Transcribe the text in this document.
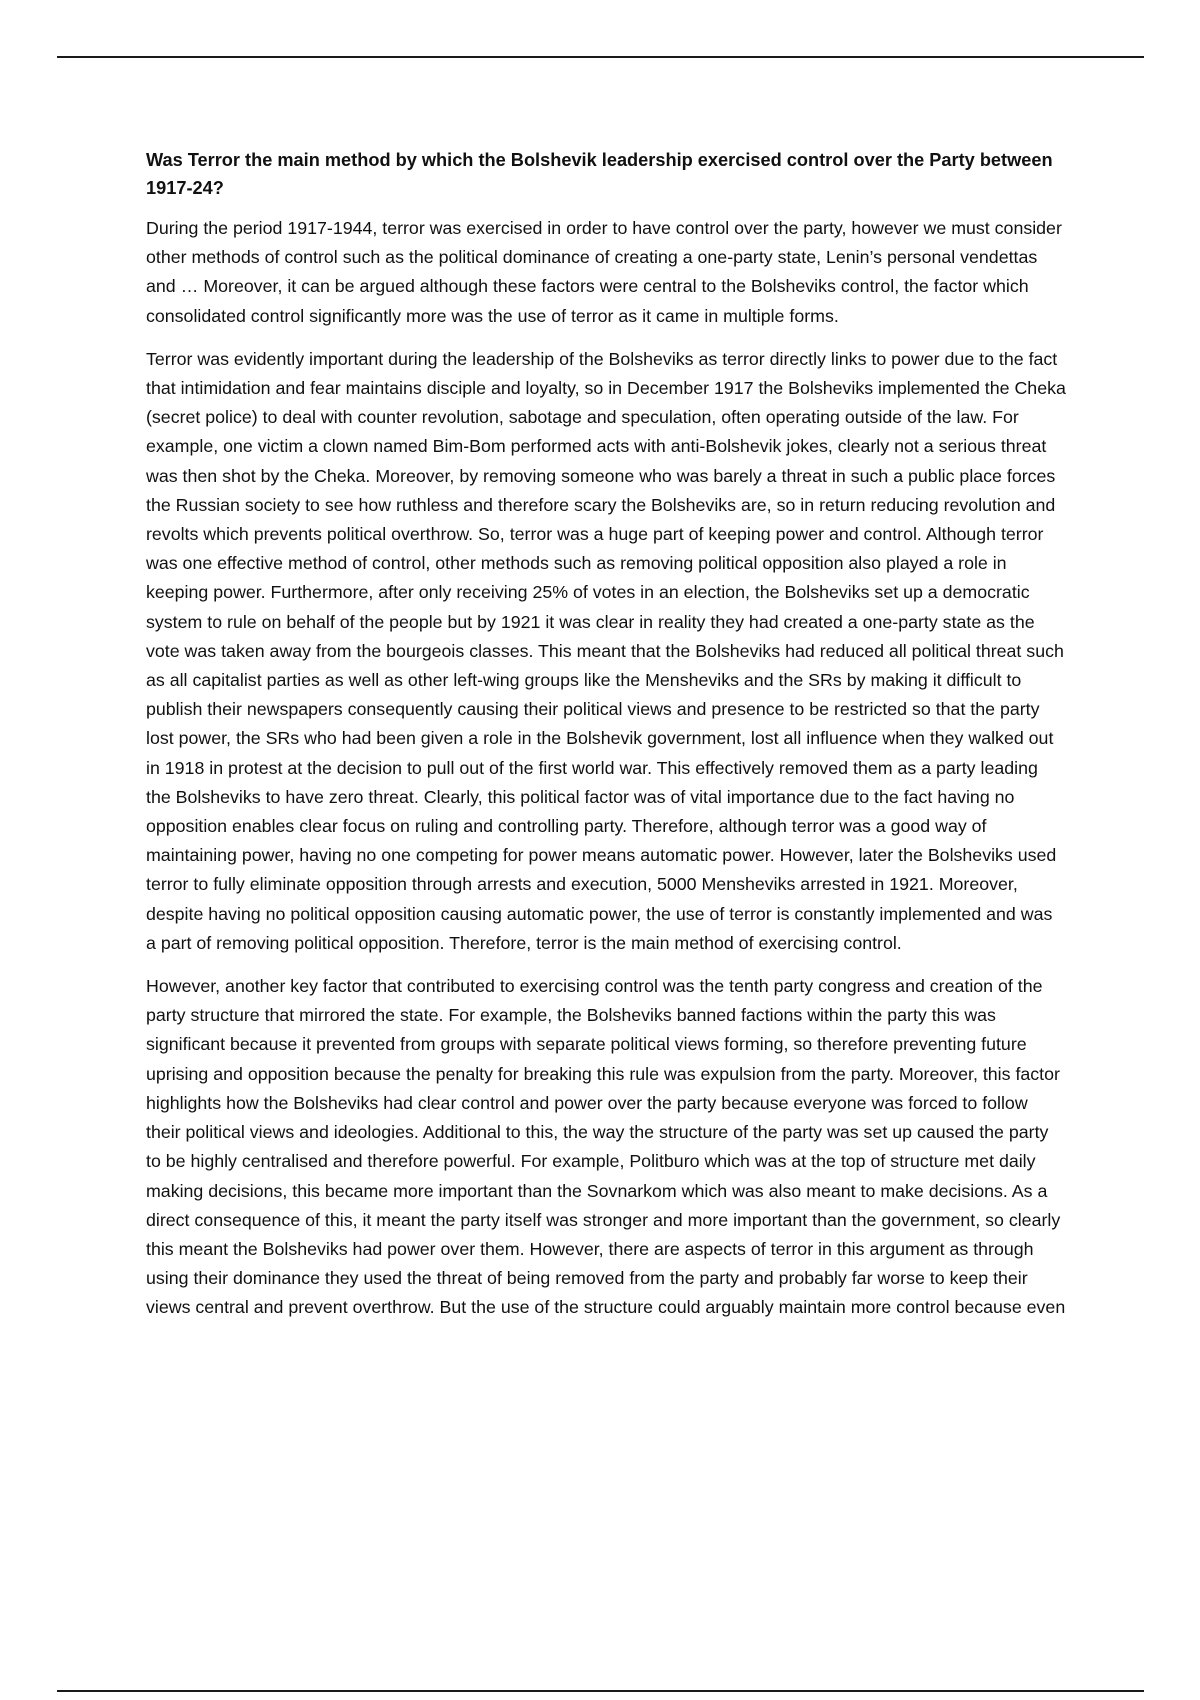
Was Terror the main method by which the Bolshevik leadership exercised control over the Party between 1917-24?

During the period 1917-1944, terror was exercised in order to have control over the party, however we must consider other methods of control such as the political dominance of creating a one-party state, Lenin’s personal vendettas and … Moreover, it can be argued although these factors were central to the Bolsheviks control, the factor which consolidated control significantly more was the use of terror as it came in multiple forms.

Terror was evidently important during the leadership of the Bolsheviks as terror directly links to power due to the fact that intimidation and fear maintains disciple and loyalty, so in December 1917 the Bolsheviks implemented the Cheka (secret police) to deal with counter revolution, sabotage and speculation, often operating outside of the law. For example, one victim a clown named Bim-Bom performed acts with anti-Bolshevik jokes, clearly not a serious threat was then shot by the Cheka. Moreover, by removing someone who was barely a threat in such a public place forces the Russian society to see how ruthless and therefore scary the Bolsheviks are, so in return reducing revolution and revolts which prevents political overthrow. So, terror was a huge part of keeping power and control. Although terror was one effective method of control, other methods such as removing political opposition also played a role in keeping power. Furthermore, after only receiving 25% of votes in an election, the Bolsheviks set up a democratic system to rule on behalf of the people but by 1921 it was clear in reality they had created a one-party state as the vote was taken away from the bourgeois classes. This meant that the Bolsheviks had reduced all political threat such as all capitalist parties as well as other left-wing groups like the Mensheviks and the SRs by making it difficult to publish their newspapers consequently causing their political views and presence to be restricted so that the party lost power, the SRs who had been given a role in the Bolshevik government, lost all influence when they walked out in 1918 in protest at the decision to pull out of the first world war. This effectively removed them as a party leading the Bolsheviks to have zero threat. Clearly, this political factor was of vital importance due to the fact having no opposition enables clear focus on ruling and controlling party. Therefore, although terror was a good way of maintaining power, having no one competing for power means automatic power. However, later the Bolsheviks used terror to fully eliminate opposition through arrests and execution, 5000 Mensheviks arrested in 1921. Moreover, despite having no political opposition causing automatic power, the use of terror is constantly implemented and was a part of removing political opposition. Therefore, terror is the main method of exercising control.

However, another key factor that contributed to exercising control was the tenth party congress and creation of the party structure that mirrored the state. For example, the Bolsheviks banned factions within the party this was significant because it prevented from groups with separate political views forming, so therefore preventing future uprising and opposition because the penalty for breaking this rule was expulsion from the party. Moreover, this factor highlights how the Bolsheviks had clear control and power over the party because everyone was forced to follow their political views and ideologies. Additional to this, the way the structure of the party was set up caused the party to be highly centralised and therefore powerful. For example, Politburo which was at the top of structure met daily making decisions, this became more important than the Sovnarkom which was also meant to make decisions. As a direct consequence of this, it meant the party itself was stronger and more important than the government, so clearly this meant the Bolsheviks had power over them. However, there are aspects of terror in this argument as through using their dominance they used the threat of being removed from the party and probably far worse to keep their views central and prevent overthrow. But the use of the structure could arguably maintain more control because even
